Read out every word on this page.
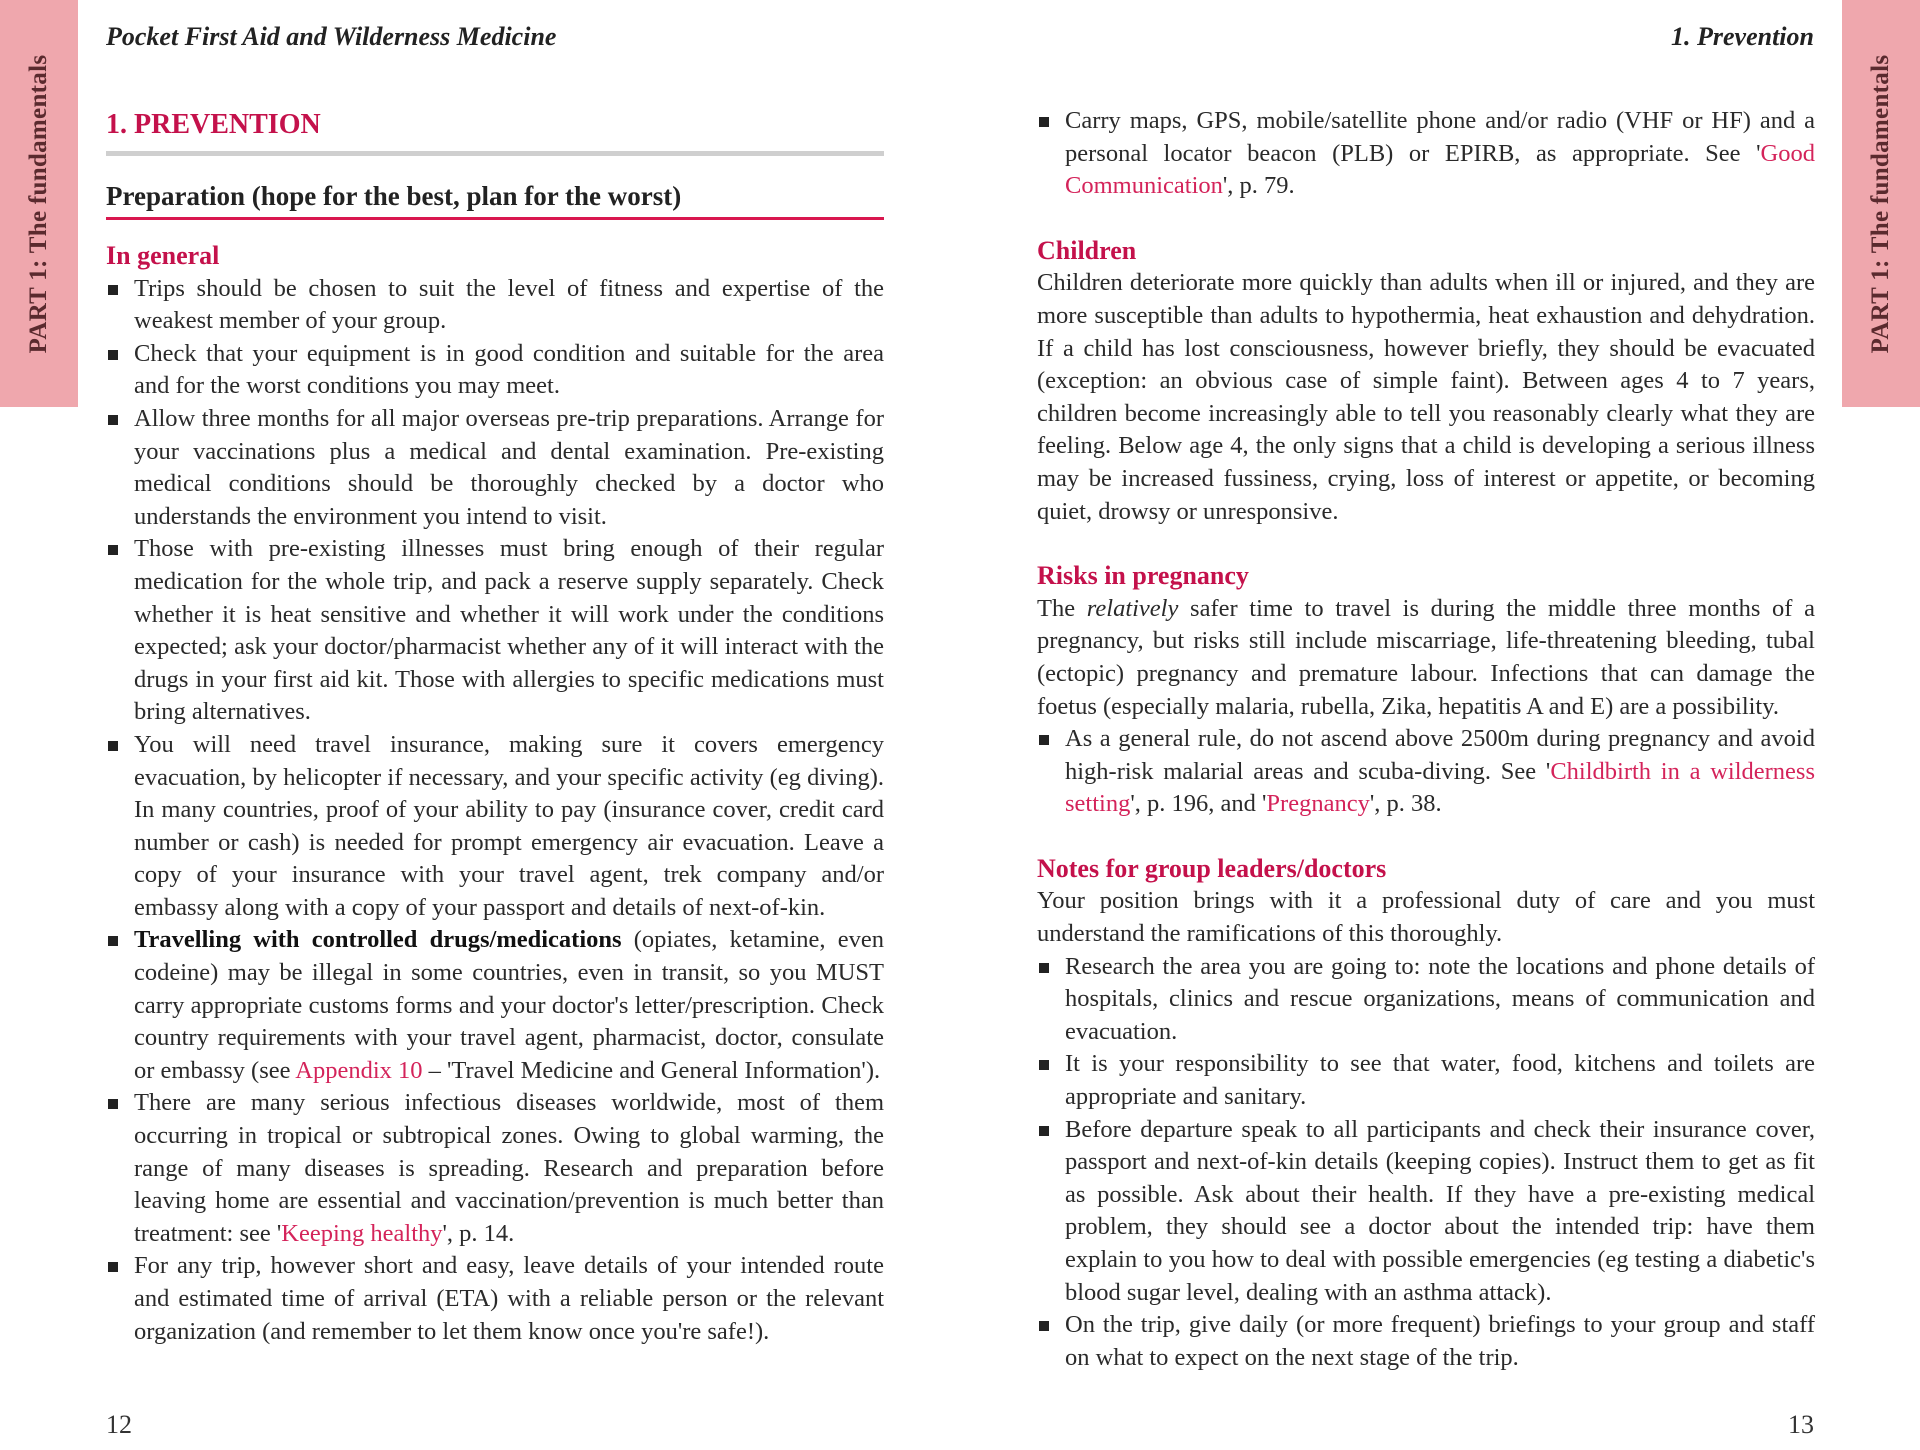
PART 1: The fundamentals
Pocket First Aid and Wilderness Medicine
1. PREVENTION
Preparation (hope for the best, plan for the worst)
In general
Trips should be chosen to suit the level of fitness and expertise of the weakest member of your group.
Check that your equipment is in good condition and suitable for the area and for the worst conditions you may meet.
Allow three months for all major overseas pre-trip preparations. Arrange for your vaccinations plus a medical and dental examination. Pre-existing medical conditions should be thoroughly checked by a doctor who understands the environment you intend to visit.
Those with pre-existing illnesses must bring enough of their regular medication for the whole trip, and pack a reserve supply separately. Check whether it is heat sensitive and whether it will work under the conditions expected; ask your doctor/pharmacist whether any of it will interact with the drugs in your first aid kit. Those with allergies to specific medications must bring alternatives.
You will need travel insurance, making sure it covers emergency evacuation, by helicopter if necessary, and your specific activity (eg diving). In many countries, proof of your ability to pay (insurance cover, credit card number or cash) is needed for prompt emergency air evacuation. Leave a copy of your insurance with your travel agent, trek company and/or embassy along with a copy of your passport and details of next-of-kin.
Travelling with controlled drugs/medications (opiates, ketamine, even codeine) may be illegal in some countries, even in transit, so you MUST carry appropriate customs forms and your doctor's letter/prescription. Check country requirements with your travel agent, pharmacist, doctor, consulate or embassy (see Appendix 10 – 'Travel Medicine and General Information').
There are many serious infectious diseases worldwide, most of them occurring in tropical or subtropical zones. Owing to global warming, the range of many diseases is spreading. Research and preparation before leaving home are essential and vaccination/prevention is much better than treatment: see 'Keeping healthy', p. 14.
For any trip, however short and easy, leave details of your intended route and estimated time of arrival (ETA) with a reliable person or the relevant organization (and remember to let them know once you're safe!).
12
PART 1: The fundamentals
1. Prevention
Carry maps, GPS, mobile/satellite phone and/or radio (VHF or HF) and a personal locator beacon (PLB) or EPIRB, as appropriate. See 'Good Communication', p. 79.
Children

Children deteriorate more quickly than adults when ill or injured, and they are more susceptible than adults to hypothermia, heat exhaustion and dehydration. If a child has lost consciousness, however briefly, they should be evacuated (exception: an obvious case of simple faint). Between ages 4 to 7 years, children become increasingly able to tell you reasonably clearly what they are feeling. Below age 4, the only signs that a child is developing a serious illness may be increased fussiness, crying, loss of interest or appetite, or becoming quiet, drowsy or unresponsive.

Risks in pregnancy

The relatively safer time to travel is during the middle three months of a pregnancy, but risks still include miscarriage, life-threatening bleeding, tubal (ectopic) pregnancy and premature labour. Infections that can damage the foetus (especially malaria, rubella, Zika, hepatitis A and E) are a possibility.

As a general rule, do not ascend above 2500m during pregnancy and avoid high-risk malarial areas and scuba-diving. See 'Childbirth in a wilderness setting', p. 196, and 'Pregnancy', p. 38.
Notes for group leaders/doctors

Your position brings with it a professional duty of care and you must understand the ramifications of this thoroughly.

Research the area you are going to: note the locations and phone details of hospitals, clinics and rescue organizations, means of communication and evacuation.
It is your responsibility to see that water, food, kitchens and toilets are appropriate and sanitary.
Before departure speak to all participants and check their insurance cover, passport and next-of-kin details (keeping copies). Instruct them to get as fit as possible. Ask about their health. If they have a pre-existing medical problem, they should see a doctor about the intended trip: have them explain to you how to deal with possible emergencies (eg testing a diabetic's blood sugar level, dealing with an asthma attack).
On the trip, give daily (or more frequent) briefings to your group and staff on what to expect on the next stage of the trip.
13
